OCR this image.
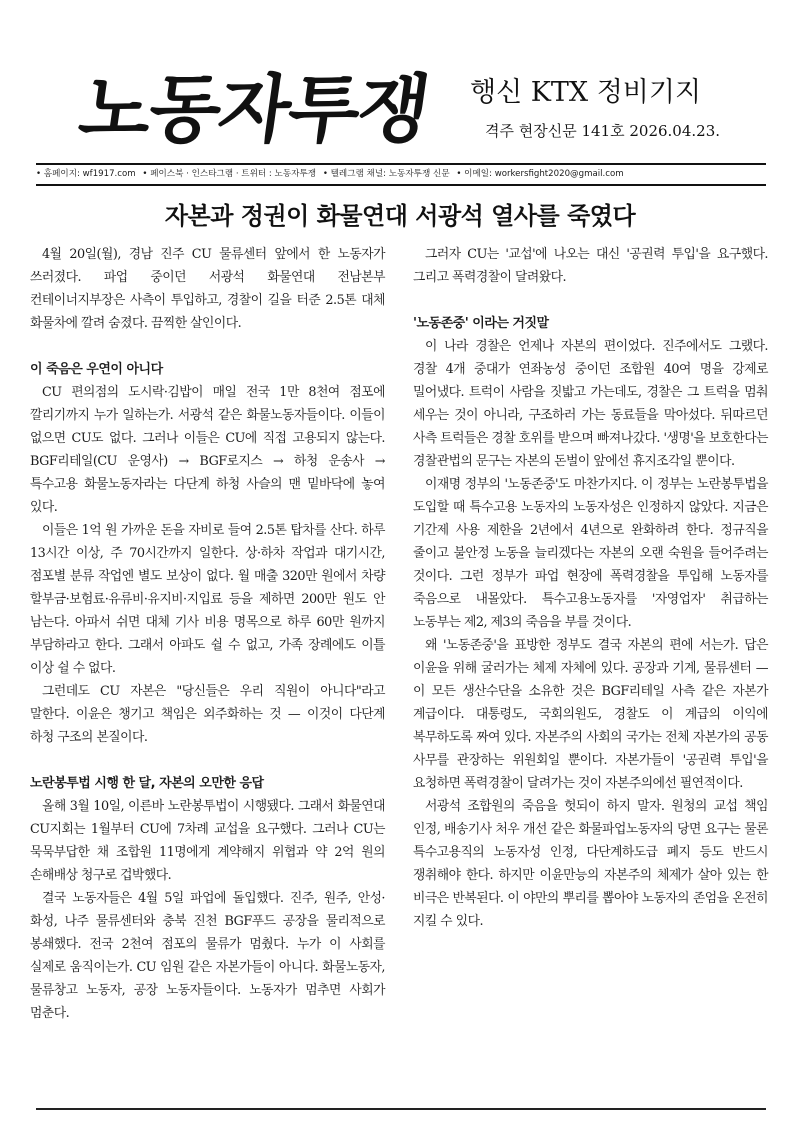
노동자투쟁 행신 KTX 정비기지
격주 현장신문 141호 2026.04.23.
• 홈페이지: wf1917.com • 페이스북 · 인스타그램 · 트위터 : 노동자투쟁 • 텔레그램 채널: 노동자투쟁 신문 • 이메일: workersfight2020@gmail.com
자본과 정권이 화물연대 서광석 열사를 죽였다

4월 20일(월), 경남 진주 CU 물류센터 앞에서 한 노동자가 쓰러졌다. 파업 중이던 서광석 화물연대 전남본부 컨테이너지부장은 사측이 투입하고, 경찰이 길을 터준 2.5톤 대체 화물차에 깔려 숨졌다. 끔찍한 살인이다.

이 죽음은 우연이 아니다

CU 편의점의 도시락·김밥이 매일 전국 1만 8천여 점포에 깔리기까지 누가 일하는가. 서광석 같은 화물노동자들이다. 이들이 없으면 CU도 없다. 그러나 이들은 CU에 직접 고용되지 않는다. BGF리테일(CU 운영사) → BGF로지스 → 하청 운송사 → 특수고용 화물노동자라는 다단계 하청 사슬의 맨 밑바닥에 놓여 있다.

이들은 1억 원 가까운 돈을 자비로 들여 2.5톤 탑차를 산다. 하루 13시간 이상, 주 70시간까지 일한다. 상·하차 작업과 대기시간, 점포별 분류 작업엔 별도 보상이 없다. 월 매출 320만 원에서 차량 할부금·보험료·유류비·유지비·지입료 등을 제하면 200만 원도 안 남는다. 아파서 쉬면 대체 기사 비용 명목으로 하루 60만 원까지 부담하라고 한다. 그래서 아파도 쉴 수 없고, 가족 장례에도 이틀 이상 쉴 수 없다.

그런데도 CU 자본은 "당신들은 우리 직원이 아니다"라고 말한다. 이윤은 챙기고 책임은 외주화하는 것 — 이것이 다단계 하청 구조의 본질이다.

노란봉투법 시행 한 달, 자본의 오만한 응답

올해 3월 10일, 이른바 노란봉투법이 시행됐다. 그래서 화물연대 CU지회는 1월부터 CU에 7차례 교섭을 요구했다. 그러나 CU는 묵묵부답한 채 조합원 11명에게 계약해지 위협과 약 2억 원의 손해배상 청구로 겁박했다.

결국 노동자들은 4월 5일 파업에 돌입했다. 진주, 원주, 안성·화성, 나주 물류센터와 충북 진천 BGF푸드 공장을 물리적으로 봉쇄했다. 전국 2천여 점포의 물류가 멈췄다. 누가 이 사회를 실제로 움직이는가. CU 임원 같은 자본가들이 아니다. 화물노동자, 물류창고 노동자, 공장 노동자들이다. 노동자가 멈추면 사회가 멈춘다.

그러자 CU는 '교섭'에 나오는 대신 '공권력 투입'을 요구했다. 그리고 폭력경찰이 달려왔다.

'노동존중' 이라는 거짓말

이 나라 경찰은 언제나 자본의 편이었다. 진주에서도 그랬다. 경찰 4개 중대가 연좌농성 중이던 조합원 40여 명을 강제로 밀어냈다. 트럭이 사람을 짓밟고 가는데도, 경찰은 그 트럭을 멈춰 세우는 것이 아니라, 구조하러 가는 동료들을 막아섰다. 뒤따르던 사측 트럭들은 경찰 호위를 받으며 빠져나갔다. '생명'을 보호한다는 경찰관법의 문구는 자본의 돈벌이 앞에선 휴지조각일 뿐이다.

이재명 정부의 '노동존중'도 마찬가지다. 이 정부는 노란봉투법을 도입할 때 특수고용 노동자의 노동자성은 인정하지 않았다. 지금은 기간제 사용 제한을 2년에서 4년으로 완화하려 한다. 정규직을 줄이고 불안정 노동을 늘리겠다는 자본의 오랜 숙원을 들어주려는 것이다. 그런 정부가 파업 현장에 폭력경찰을 투입해 노동자를 죽음으로 내몰았다. 특수고용노동자를 '자영업자' 취급하는 노동부는 제2, 제3의 죽음을 부를 것이다.

왜 '노동존중'을 표방한 정부도 결국 자본의 편에 서는가. 답은 이윤을 위해 굴러가는 체제 자체에 있다. 공장과 기계, 물류센터 — 이 모든 생산수단을 소유한 것은 BGF리테일 사측 같은 자본가 계급이다. 대통령도, 국회의원도, 경찰도 이 계급의 이익에 복무하도록 짜여 있다. 자본주의 사회의 국가는 전체 자본가의 공동 사무를 관장하는 위원회일 뿐이다. 자본가들이 '공권력 투입'을 요청하면 폭력경찰이 달려가는 것이 자본주의에선 필연적이다.

서광석 조합원의 죽음을 헛되이 하지 말자. 원청의 교섭 책임 인정, 배송기사 처우 개선 같은 화물파업노동자의 당면 요구는 물론 특수고용직의 노동자성 인정, 다단계하도급 폐지 등도 반드시 쟁취해야 한다. 하지만 이윤만능의 자본주의 체제가 살아 있는 한 비극은 반복된다. 이 야만의 뿌리를 뽑아야 노동자의 존엄을 온전히 지킬 수 있다.
